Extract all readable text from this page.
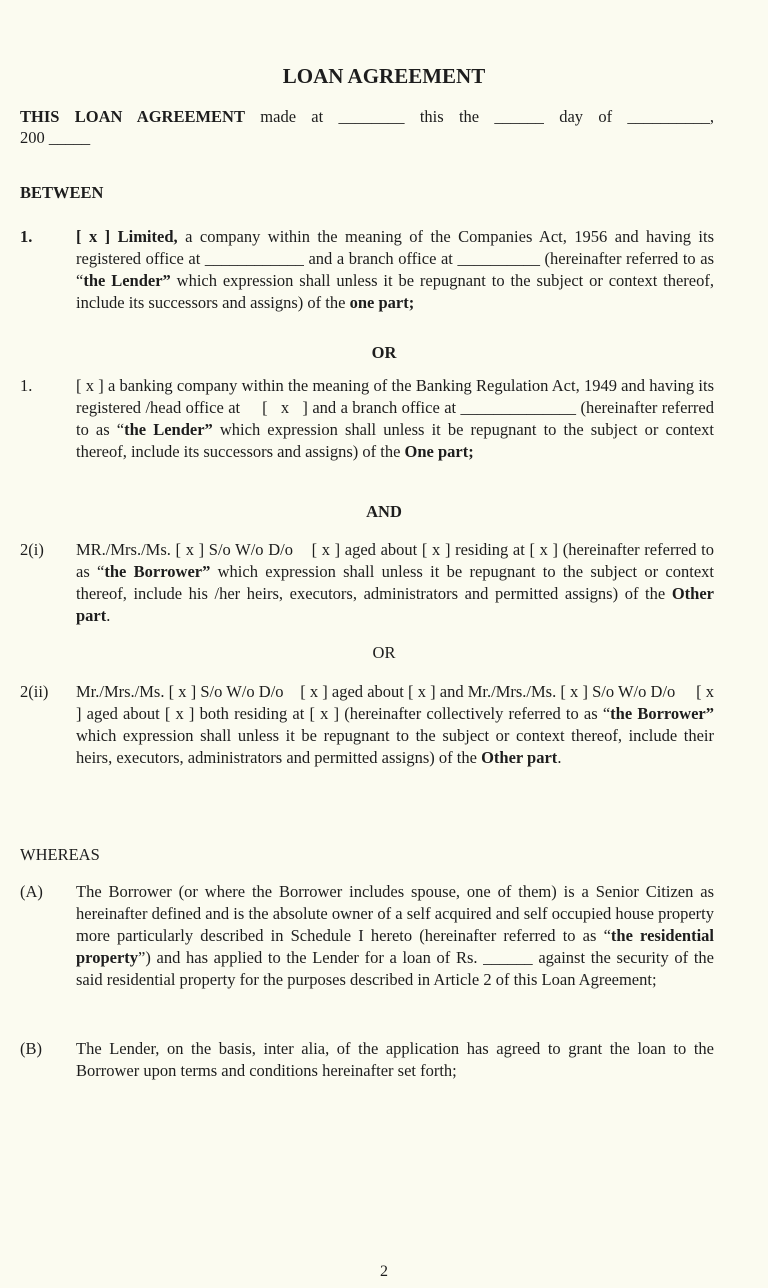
LOAN AGREEMENT
THIS LOAN AGREEMENT made at ________ this the ______ day of __________,
200 _____
BETWEEN
1.	[ x ] Limited, a company within the meaning of the Companies Act, 1956 and having its registered office at ____________ and a branch office at __________ (hereinafter referred to as “the Lender” which expression shall unless it be repugnant to the subject or context thereof, include its successors and assigns) of the one part;
OR
1.	[ x ] a banking company within the meaning of the Banking Regulation Act, 1949 and having its registered /head office at     [   x   ] and a branch office at ______________ (hereinafter referred to as “the Lender” which expression shall unless it be repugnant to the subject or context thereof, include its successors and assigns) of the One part;
AND
2(i) MR./Mrs./Ms. [ x ] S/o W/o D/o    [ x ] aged about [ x ] residing at [ x ] (hereinafter referred to as “the Borrower” which expression shall unless it be repugnant to the subject or context thereof, include his /her heirs, executors, administrators and permitted assigns) of the Other part.
OR
2(ii) Mr./Mrs./Ms. [ x ] S/o W/o D/o    [ x ] aged about [ x ] and Mr./Mrs./Ms. [ x ] S/o W/o D/o     [ x ] aged about [ x ] both residing at [ x ] (hereinafter collectively referred to as “the Borrower” which expression shall unless it be repugnant to the subject or context thereof, include their heirs, executors, administrators and permitted assigns) of the Other part.
WHEREAS
(A) The Borrower (or where the Borrower includes spouse, one of them) is a Senior Citizen as hereinafter defined and is the absolute owner of a self acquired and self occupied house property more particularly described in Schedule I hereto (hereinafter referred to as “the residential property”) and has applied to the Lender for a loan of Rs. ______ against the security of the said residential property for the purposes described in Article 2 of this Loan Agreement;
(B) The Lender, on the basis, inter alia, of the application has agreed to grant the loan to the Borrower upon terms and conditions hereinafter set forth;
2
